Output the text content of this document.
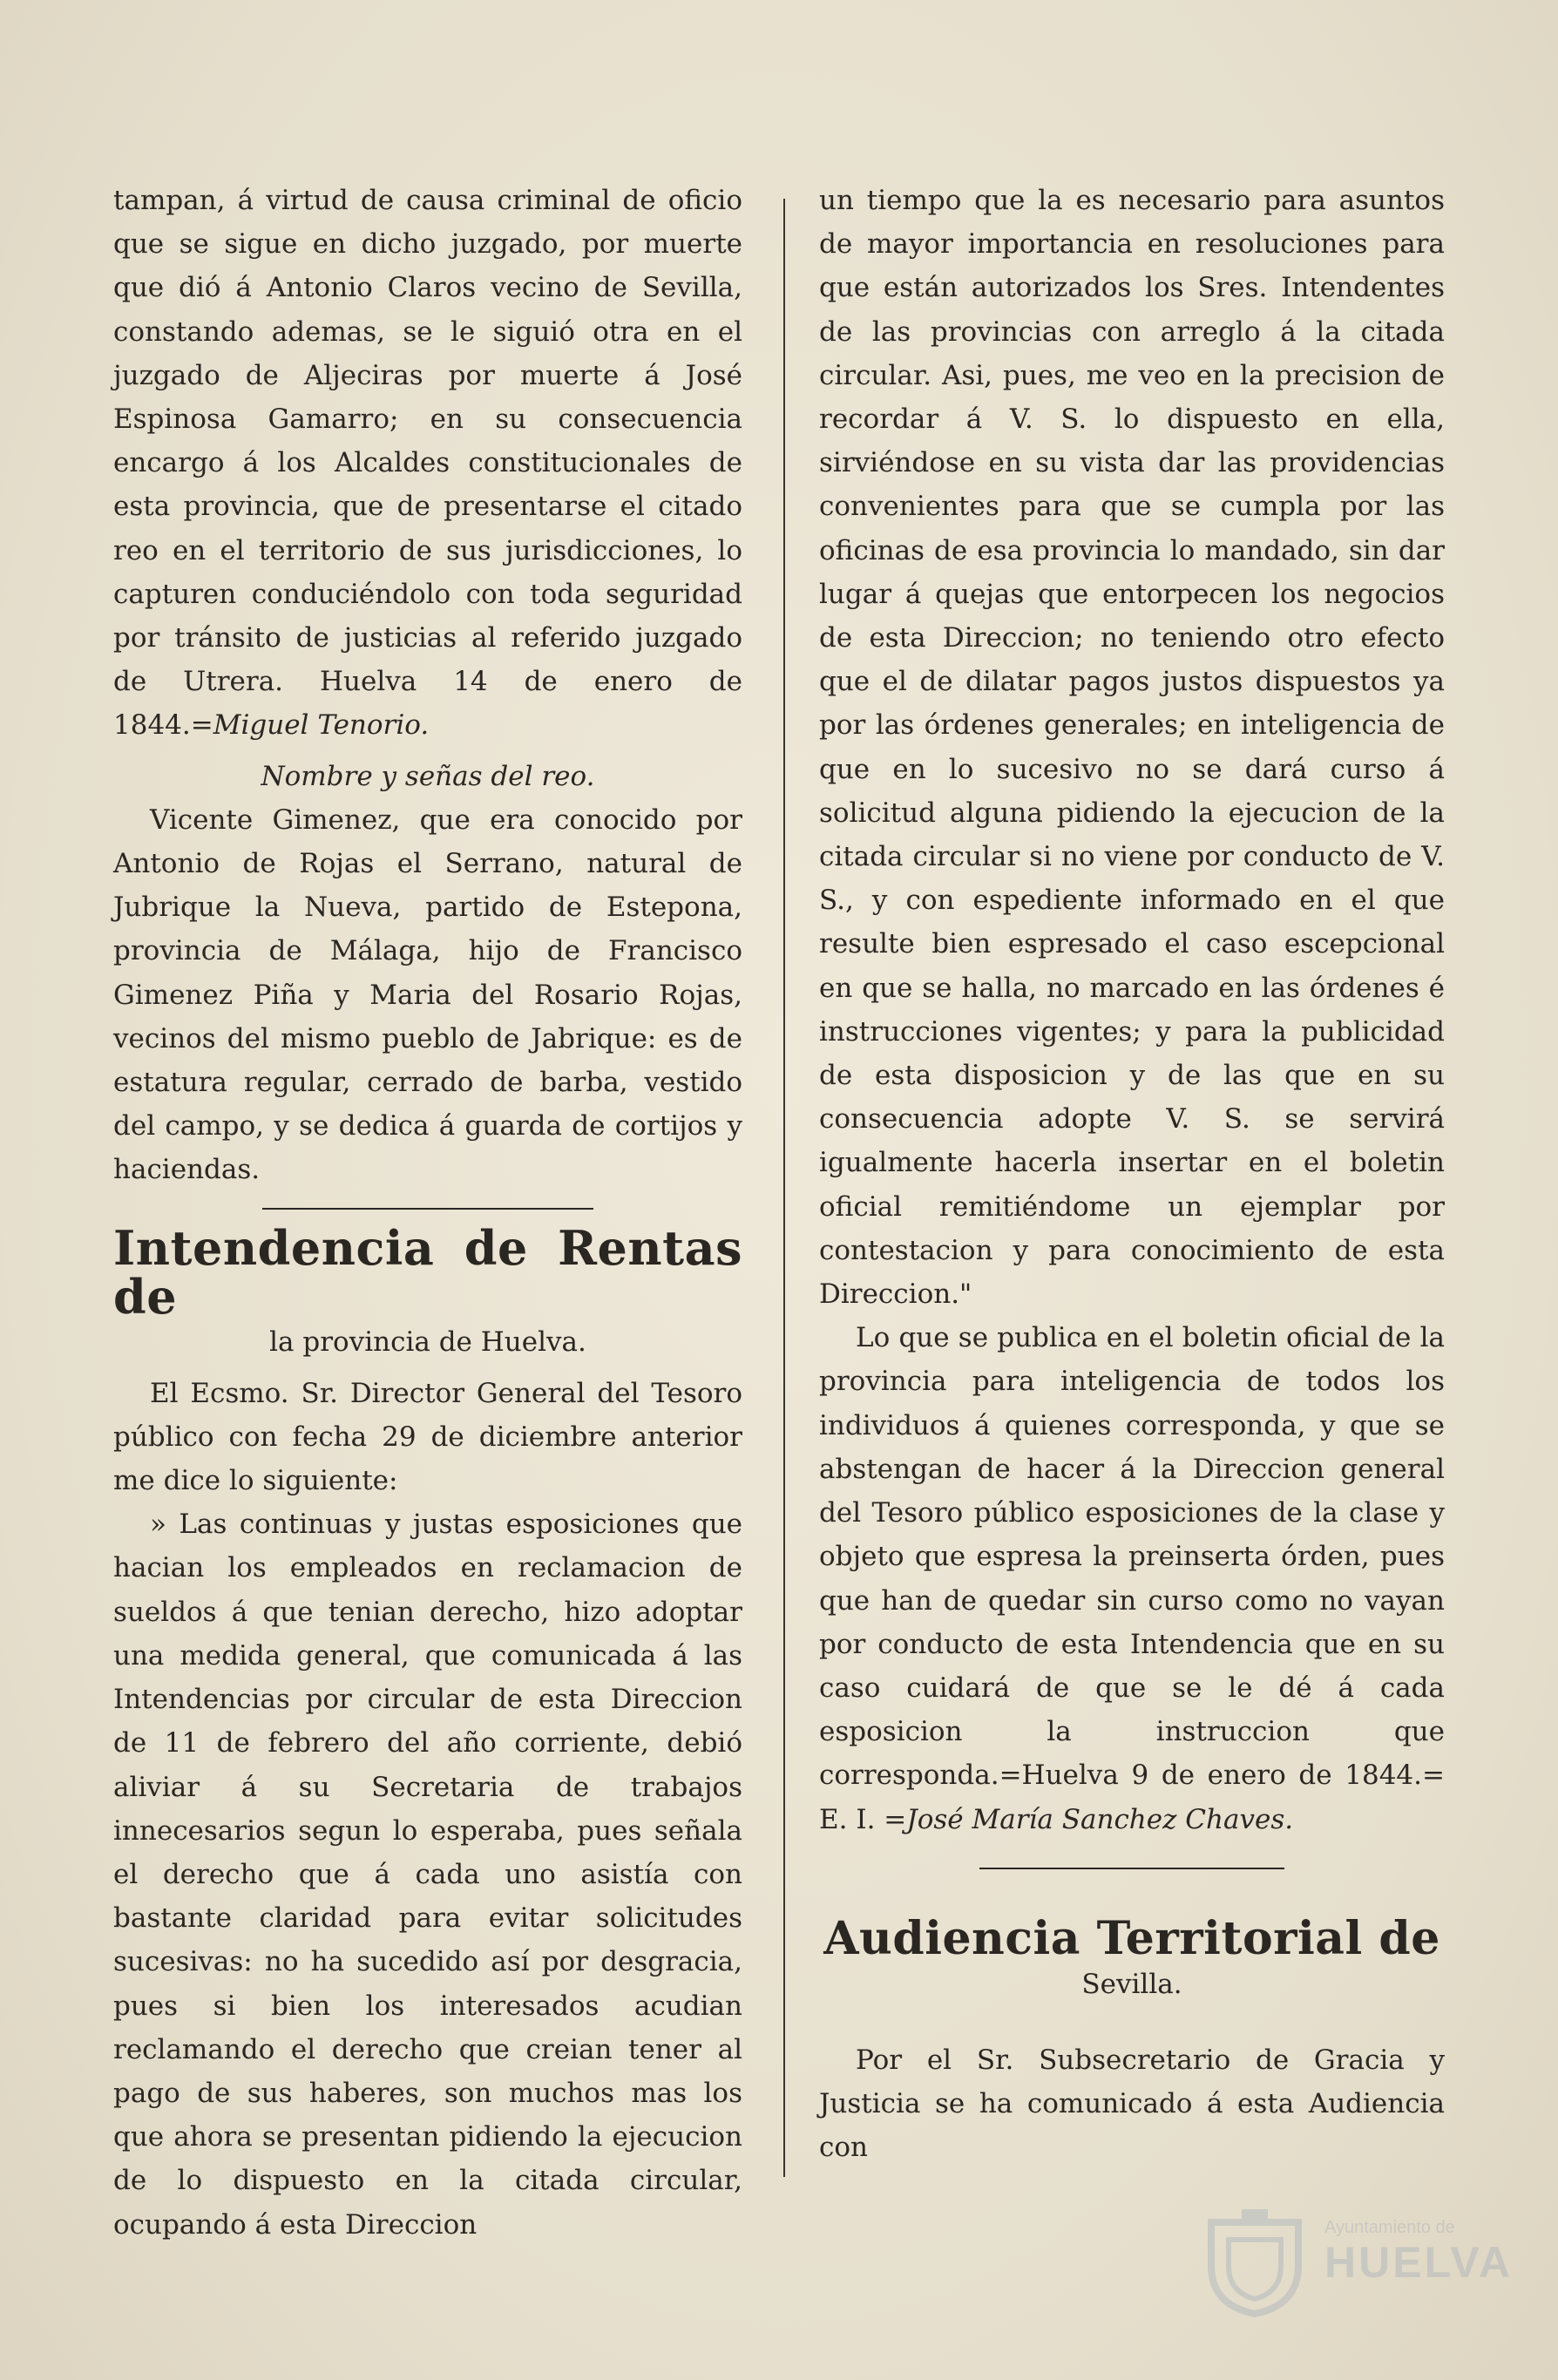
tampan, á virtud de causa criminal de oficio que se sigue en dicho juzgado, por muerte que dió á Antonio Claros vecino de Sevilla, constando ademas, se le siguió otra en el juzgado de Aljeciras por muerte á José Espinosa Gamarro; en su consecuencia encargo á los Alcaldes constitucionales de esta provincia, que de presentarse el citado reo en el territorio de sus jurisdicciones, lo capturen conduciéndolo con toda seguridad por tránsito de justicias al referido juzgado de Utrera. Huelva 14 de enero de 1844.=Miguel Tenorio.

Nombre y señas del reo.

Vicente Gimenez, que era conocido por Antonio de Rojas el Serrano, natural de Jubrique la Nueva, partido de Estepona, provincia de Málaga, hijo de Francisco Gimenez Piña y Maria del Rosario Rojas, vecinos del mismo pueblo de Jabrique: es de estatura regular, cerrado de barba, vestido del campo, y se dedica á guarda de cortijos y haciendas.

Intendencia de Rentas de
la provincia de Huelva.

El Ecsmo. Sr. Director General del Tesoro público con fecha 29 de diciembre anterior me dice lo siguiente:

» Las continuas y justas esposiciones que hacian los empleados en reclamacion de sueldos á que tenian derecho, hizo adoptar una medida general, que comunicada á las Intendencias por circular de esta Direccion de 11 de febrero del año corriente, debió aliviar á su Secretaria de trabajos innecesarios segun lo esperaba, pues señala el derecho que á cada uno asistía con bastante claridad para evitar solicitudes sucesivas: no ha sucedido así por desgracia, pues si bien los interesados acudian reclamando el derecho que creian tener al pago de sus haberes, son muchos mas los que ahora se presentan pidiendo la ejecucion de lo dispuesto en la citada circular, ocupando á esta Direccion

un tiempo que la es necesario para asuntos de mayor importancia en resoluciones para que están autorizados los Sres. Intendentes de las provincias con arreglo á la citada circular. Asi, pues, me veo en la precision de recordar á V. S. lo dispuesto en ella, sirviéndose en su vista dar las providencias convenientes para que se cumpla por las oficinas de esa provincia lo mandado, sin dar lugar á quejas que entorpecen los negocios de esta Direccion; no teniendo otro efecto que el de dilatar pagos justos dispuestos ya por las órdenes generales; en inteligencia de que en lo sucesivo no se dará curso á solicitud alguna pidiendo la ejecucion de la citada circular si no viene por conducto de V. S., y con espediente informado en el que resulte bien espresado el caso escepcional en que se halla, no marcado en las órdenes é instrucciones vigentes; y para la publicidad de esta disposicion y de las que en su consecuencia adopte V. S. se servirá igualmente hacerla insertar en el boletin oficial remitiéndome un ejemplar por contestacion y para conocimiento de esta Direccion."

Lo que se publica en el boletin oficial de la provincia para inteligencia de todos los individuos á quienes corresponda, y que se abstengan de hacer á la Direccion general del Tesoro público esposiciones de la clase y objeto que espresa la preinserta órden, pues que han de quedar sin curso como no vayan por conducto de esta Intendencia que en su caso cuidará de que se le dé á cada esposicion la instruccion que corresponda.=Huelva 9 de enero de 1844.= E. I. =José María Sanchez Chaves.

Audiencia Territorial de
Sevilla.

Por el Sr. Subsecretario de Gracia y Justicia se ha comunicado á esta Audiencia con

Ayuntamiento de
HUELVA
